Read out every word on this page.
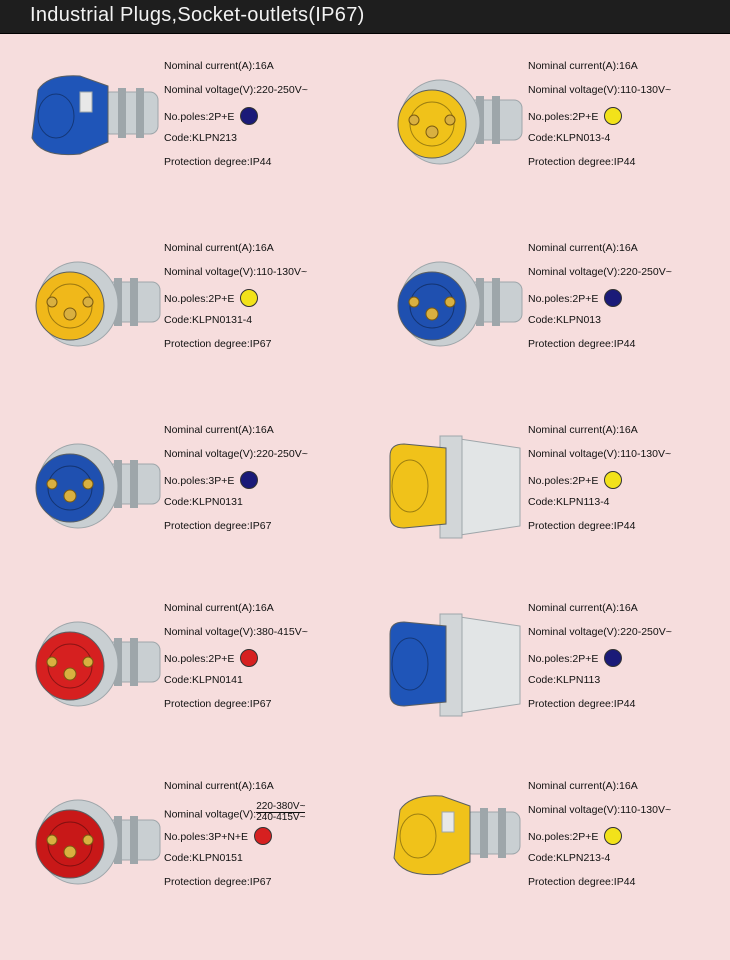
Industrial Plugs,Socket-outlets(IP67)
Nominal current(A):16A
Nominal voltage(V):220-250V~
No.poles:2P+E
Code:KLPN213
Protection degree:IP44
Nominal current(A):16A
Nominal voltage(V):110-130V~
No.poles:2P+E
Code:KLPN013-4
Protection degree:IP44
Nominal current(A):16A
Nominal voltage(V):110-130V~
No.poles:2P+E
Code:KLPN0131-4
Protection degree:IP67
Nominal current(A):16A
Nominal voltage(V):220-250V~
No.poles:2P+E
Code:KLPN013
Protection degree:IP44
Nominal current(A):16A
Nominal voltage(V):220-250V~
No.poles:3P+E
Code:KLPN0131
Protection degree:IP67
Nominal current(A):16A
Nominal voltage(V):110-130V~
No.poles:2P+E
Code:KLPN113-4
Protection degree:IP44
Nominal current(A):16A
Nominal voltage(V):380-415V~
No.poles:2P+E
Code:KLPN0141
Protection degree:IP67
Nominal current(A):16A
Nominal voltage(V):220-250V~
No.poles:2P+E
Code:KLPN113
Protection degree:IP44
Nominal current(A):16A
Nominal voltage(V): $\frac{220-380V\sim}{240-415V\sim}$
No.poles:3P+N+E
Code:KLPN0151
Protection degree:IP67
Nominal current(A):16A
Nominal voltage(V):110-130V~
No.poles:2P+E
Code:KLPN213-4
Protection degree:IP44
